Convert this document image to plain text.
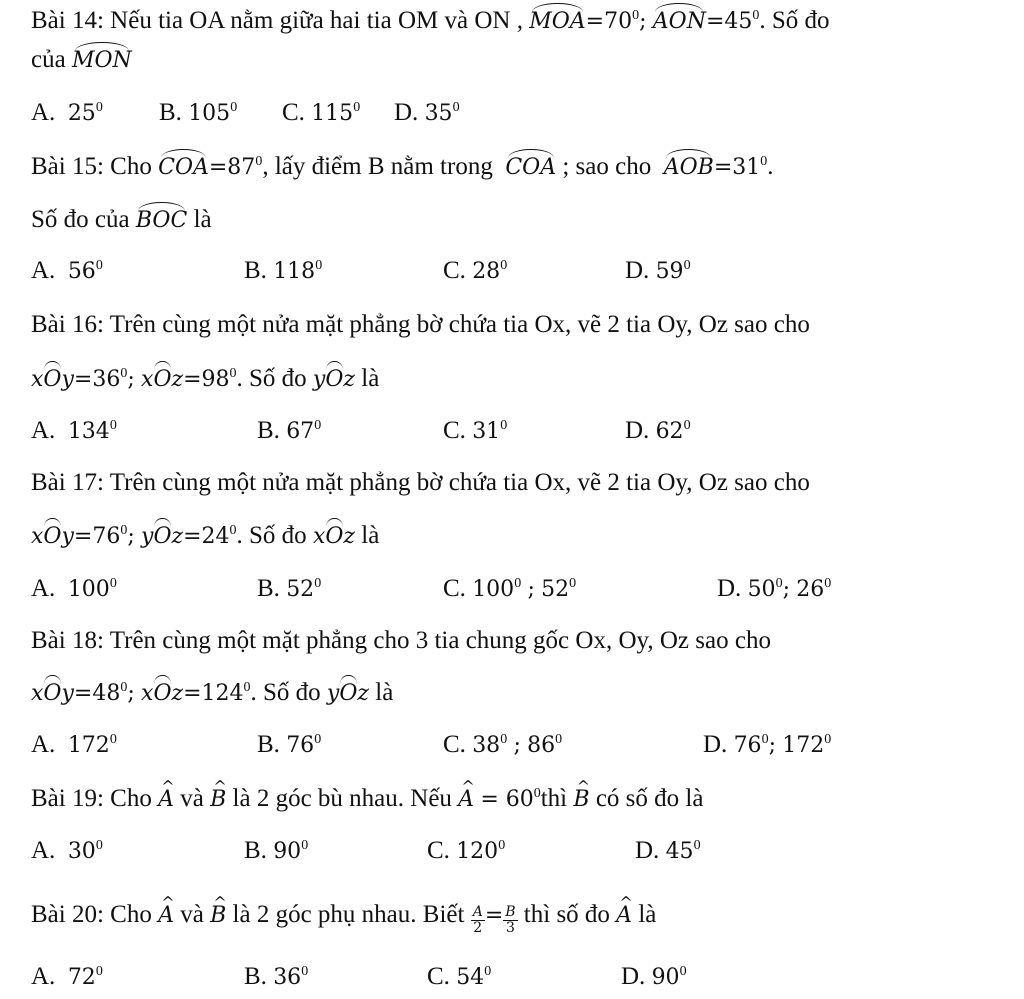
Bài 14: Nếu tia OA nằm giữa hai tia OM và ON , $MOA=70^0$; $AON=45^0$. Số đo
của MON
A. $25^0$ B. $105^0$ C. $115^0$ D. $35^0$
Bài 15: Cho $COA=87^0$, lấy điểm B nằm trong COA ; sao cho $AOB=31^0$.
Số đo của BOC là
A. $56^0$	B. $118^0$	C. $28^0$	D. $59^0$
Bài 16: Trên cùng một nửa mặt phẳng bờ chứa tia Ox, vẽ 2 tia Oy, Oz sao cho
$xOy=36^0$; $xOz=98^0$. Số đo yOz là
A. $134^0$	B. $67^0$	C. $31^0$	D. $62^0$
Bài 17: Trên cùng một nửa mặt phẳng bờ chứa tia Ox, vẽ 2 tia Oy, Oz sao cho
$xOy=76^0$; $yOz=24^0$. Số đo xOz là
A. $100^0$	B. $52^0$	C. $100^0$ ; $52^0$	D. $50^0$; $26^0$
Bài 18: Trên cùng một mặt phẳng cho 3 tia chung gốc Ox, Oy, Oz sao cho
$xOy=48^0$; $xOz=124^0$. Số đo yOz là
A. $172^0$	B. $76^0$	C. $38^0$ ; $86^0$	D. $76^0$; $172^0$
Bài 19: Cho ^ A và ^ B là 2 góc bù nhau. Nếu ^ $A = 60^0thì$ ^ B có số đo là
A. $30^0$	B. $90^0$	C. $120^0$	D. $45^0$
Bài 20: Cho ^ A và ^ B là 2 góc phụ nhau. Biết $\frac{A}{2} = \frac{B}{3}$ thì số đo ^ A là
A. $72^0$	B. $36^0$	C. $54^0$	D. $90^0$
